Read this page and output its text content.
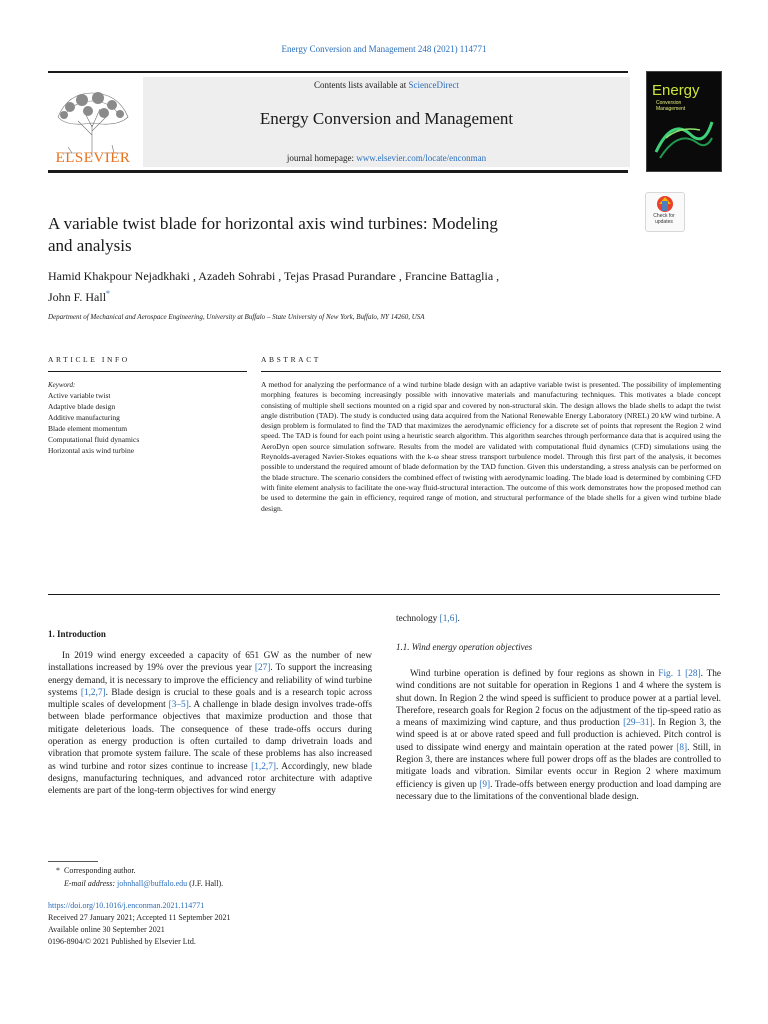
Energy Conversion and Management 248 (2021) 114771
ELSEVIER
Contents lists available at ScienceDirect
Energy Conversion and Management
journal homepage: www.elsevier.com/locate/enconman
Energy
Conversion
Management
Check for
updates
A variable twist blade for horizontal axis wind turbines: Modeling
and analysis
Hamid Khakpour Nejadkhaki , Azadeh Sohrabi , Tejas Prasad Purandare , Francine Battaglia ,
John F. Hall*
Department of Mechanical and Aerospace Engineering, University at Buffalo – State University of New York, Buffalo, NY 14260, USA
ARTICLE INFO
Keyword:
Active variable twist
Adaptive blade design
Additive manufacturing
Blade element momentum
Computational fluid dynamics
Horizontal axis wind turbine
ABSTRACT
A method for analyzing the performance of a wind turbine blade design with an adaptive variable twist is presented. The possibility of implementing morphing features is becoming increasingly possible with innovative materials and manufacturing techniques. This motivates a blade concept consisting of multiple shell sections mounted on a rigid spar and covered by non-structural skin. The design allows the blade shells to adapt the twist angle distribution (TAD). The study is conducted using data acquired from the National Renewable Energy Laboratory (NREL) 20 kW wind turbine. A design problem is formulated to find the TAD that maximizes the aerodynamic efficiency for a discrete set of points that represent the Region 2 wind speed. The TAD is found for each point using a heuristic search algorithm. This algorithm searches through performance data that is acquired using the AeroDyn open source simulation software. Results from the model are validated with computational fluid dynamics (CFD) simulations using the Reynolds-averaged Navier-Stokes equations with the k-ω shear stress transport turbulence model. Through this first part of the analysis, it becomes possible to understand the required amount of blade deformation by the TAD function. Given this understanding, a stress analysis can be performed on the blade structure. The scenario considers the combined effect of twisting with aerodynamic loading. The blade load is determined by combining CFD with finite element analysis to facilitate the one-way fluid-structural interaction. The outcome of this work demonstrates how the proposed method can be used to determine the gain in efficiency, required range of motion, and structural performance of the blade shells for a given wind turbine blade design.
1. Introduction
In 2019 wind energy exceeded a capacity of 651 GW as the number of new installations increased by 19% over the previous year [27]. To support the increasing energy demand, it is necessary to improve the efficiency and reliability of wind turbine systems [1,2,7]. Blade design is crucial to these goals and is a research topic across multiple scales of development [3–5]. A challenge in blade design involves trade-offs between blade performance objectives that maximize production and those that mitigate deleterious loads. The consequence of these trade-offs occurs during operation as energy production is often curtailed to damp drivetrain loads and vibration that promote system failure. The scale of these problems has also increased as wind turbine and rotor sizes continue to increase [1,2,7]. Accordingly, new blade designs, manufacturing techniques, and advanced rotor architecture with adaptive elements are part of the long-term objectives for wind energy
technology [1,6].
1.1. Wind energy operation objectives
Wind turbine operation is defined by four regions as shown in Fig. 1 [28]. The wind conditions are not suitable for operation in Regions 1 and 4 where the system is shut down. In Region 2 the wind speed is sufficient to produce power at a partial level. Therefore, research goals for Region 2 focus on the adjustment of the tip-speed ratio as a means of maximizing wind capture, and thus production [29–31]. In Region 3, the wind speed is at or above rated speed and full production is achieved. Pitch control is used to dissipate wind energy and maintain operation at the rated power [8]. Still, in Region 3, there are instances where full power drops off as the blades are controlled to mitigate loads and vibration. Similar events occur in Region 2 where maximum efficiency is given up [9]. Trade-offs between energy production and load damping are necessary due to the limitations of the conventional blade design.
* Corresponding author.
E-mail address: johnhall@buffalo.edu (J.F. Hall).
https://doi.org/10.1016/j.enconman.2021.114771
Received 27 January 2021; Accepted 11 September 2021
Available online 30 September 2021
0196-8904/© 2021 Published by Elsevier Ltd.
